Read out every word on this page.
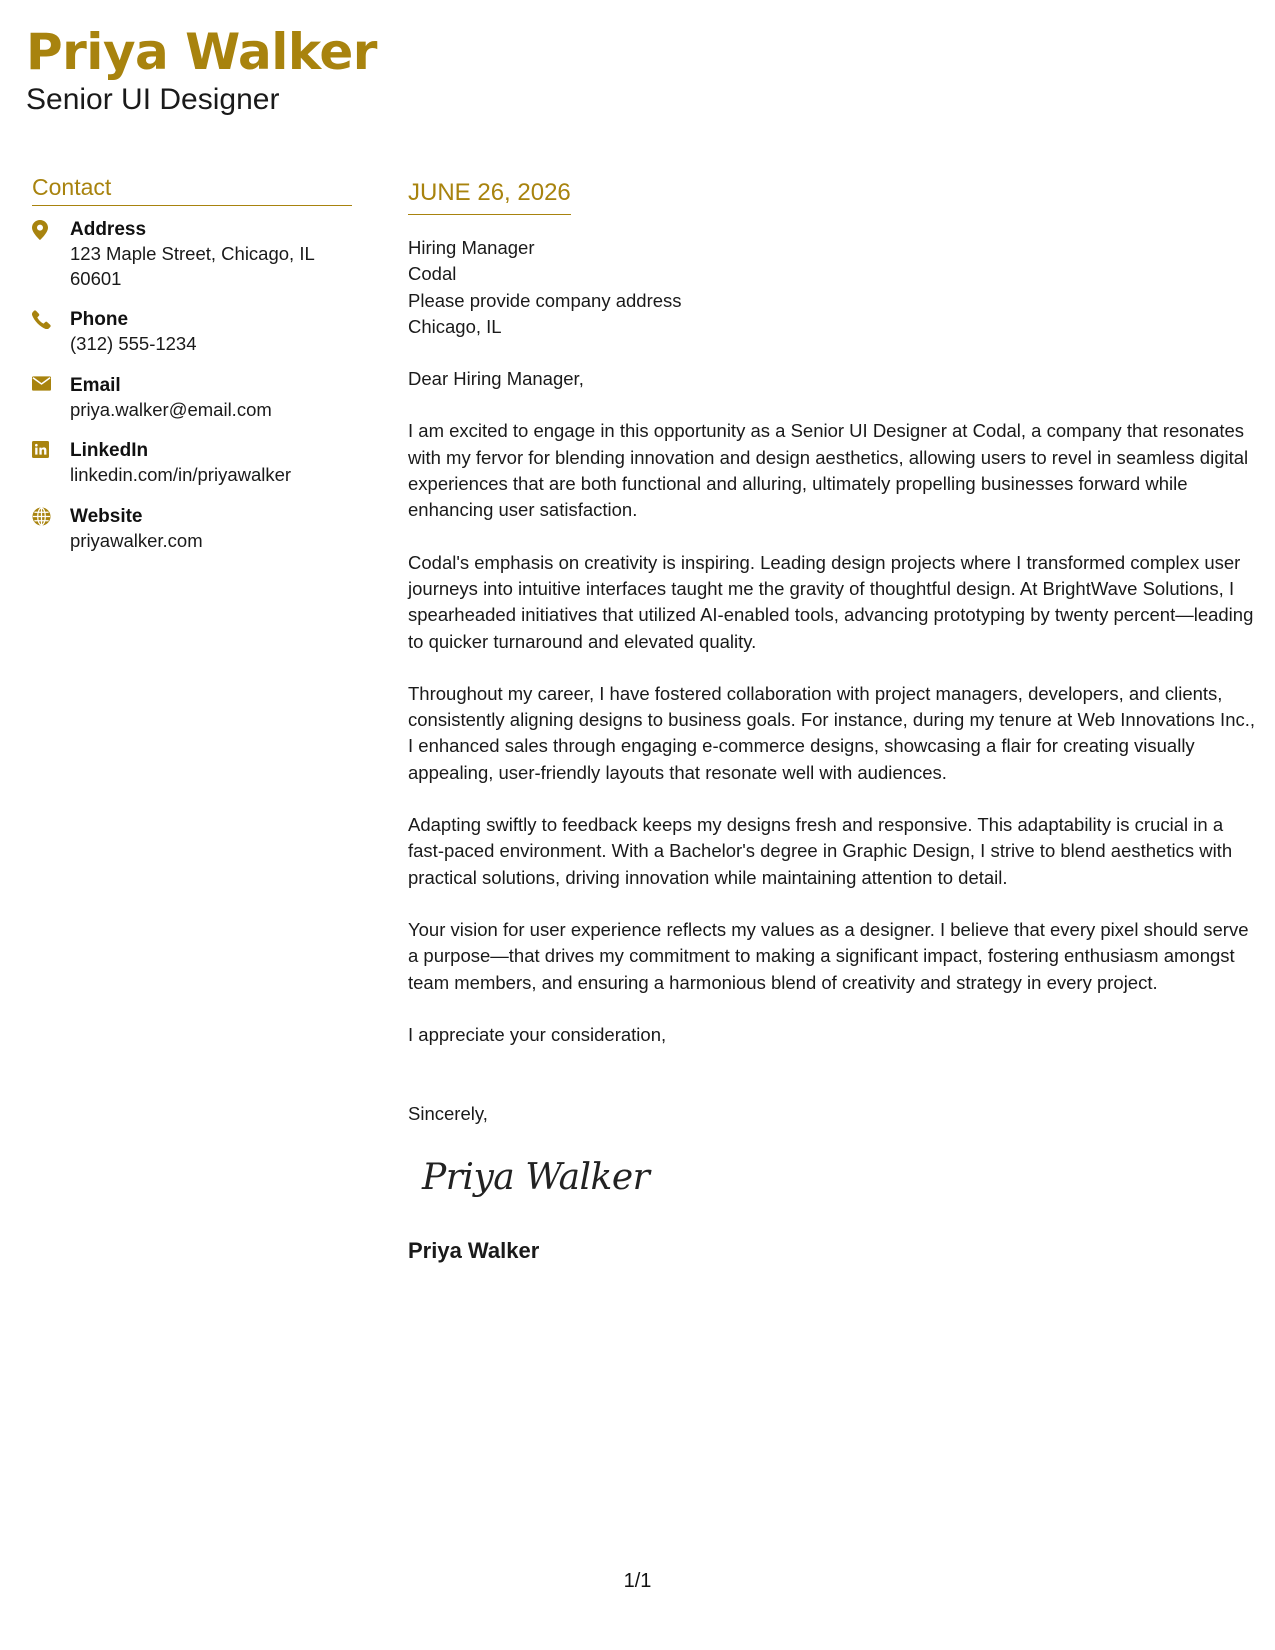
Priya Walker
Senior UI Designer
Contact
Address
123 Maple Street, Chicago, IL 60601
Phone
(312) 555-1234
Email
priya.walker@email.com
LinkedIn
linkedin.com/in/priyawalker
Website
priyawalker.com
JUNE 26, 2026
Hiring Manager
Codal
Please provide company address
Chicago, IL
Dear Hiring Manager,
I am excited to engage in this opportunity as a Senior UI Designer at Codal, a company that resonates with my fervor for blending innovation and design aesthetics, allowing users to revel in seamless digital experiences that are both functional and alluring, ultimately propelling businesses forward while enhancing user satisfaction.
Codal's emphasis on creativity is inspiring. Leading design projects where I transformed complex user journeys into intuitive interfaces taught me the gravity of thoughtful design. At BrightWave Solutions, I spearheaded initiatives that utilized AI-enabled tools, advancing prototyping by twenty percent—leading to quicker turnaround and elevated quality.
Throughout my career, I have fostered collaboration with project managers, developers, and clients, consistently aligning designs to business goals. For instance, during my tenure at Web Innovations Inc., I enhanced sales through engaging e-commerce designs, showcasing a flair for creating visually appealing, user-friendly layouts that resonate well with audiences.
Adapting swiftly to feedback keeps my designs fresh and responsive. This adaptability is crucial in a fast-paced environment. With a Bachelor's degree in Graphic Design, I strive to blend aesthetics with practical solutions, driving innovation while maintaining attention to detail.
Your vision for user experience reflects my values as a designer. I believe that every pixel should serve a purpose—that drives my commitment to making a significant impact, fostering enthusiasm amongst team members, and ensuring a harmonious blend of creativity and strategy in every project.
I appreciate your consideration,
Sincerely,
Priya Walker
Priya Walker
1/1
